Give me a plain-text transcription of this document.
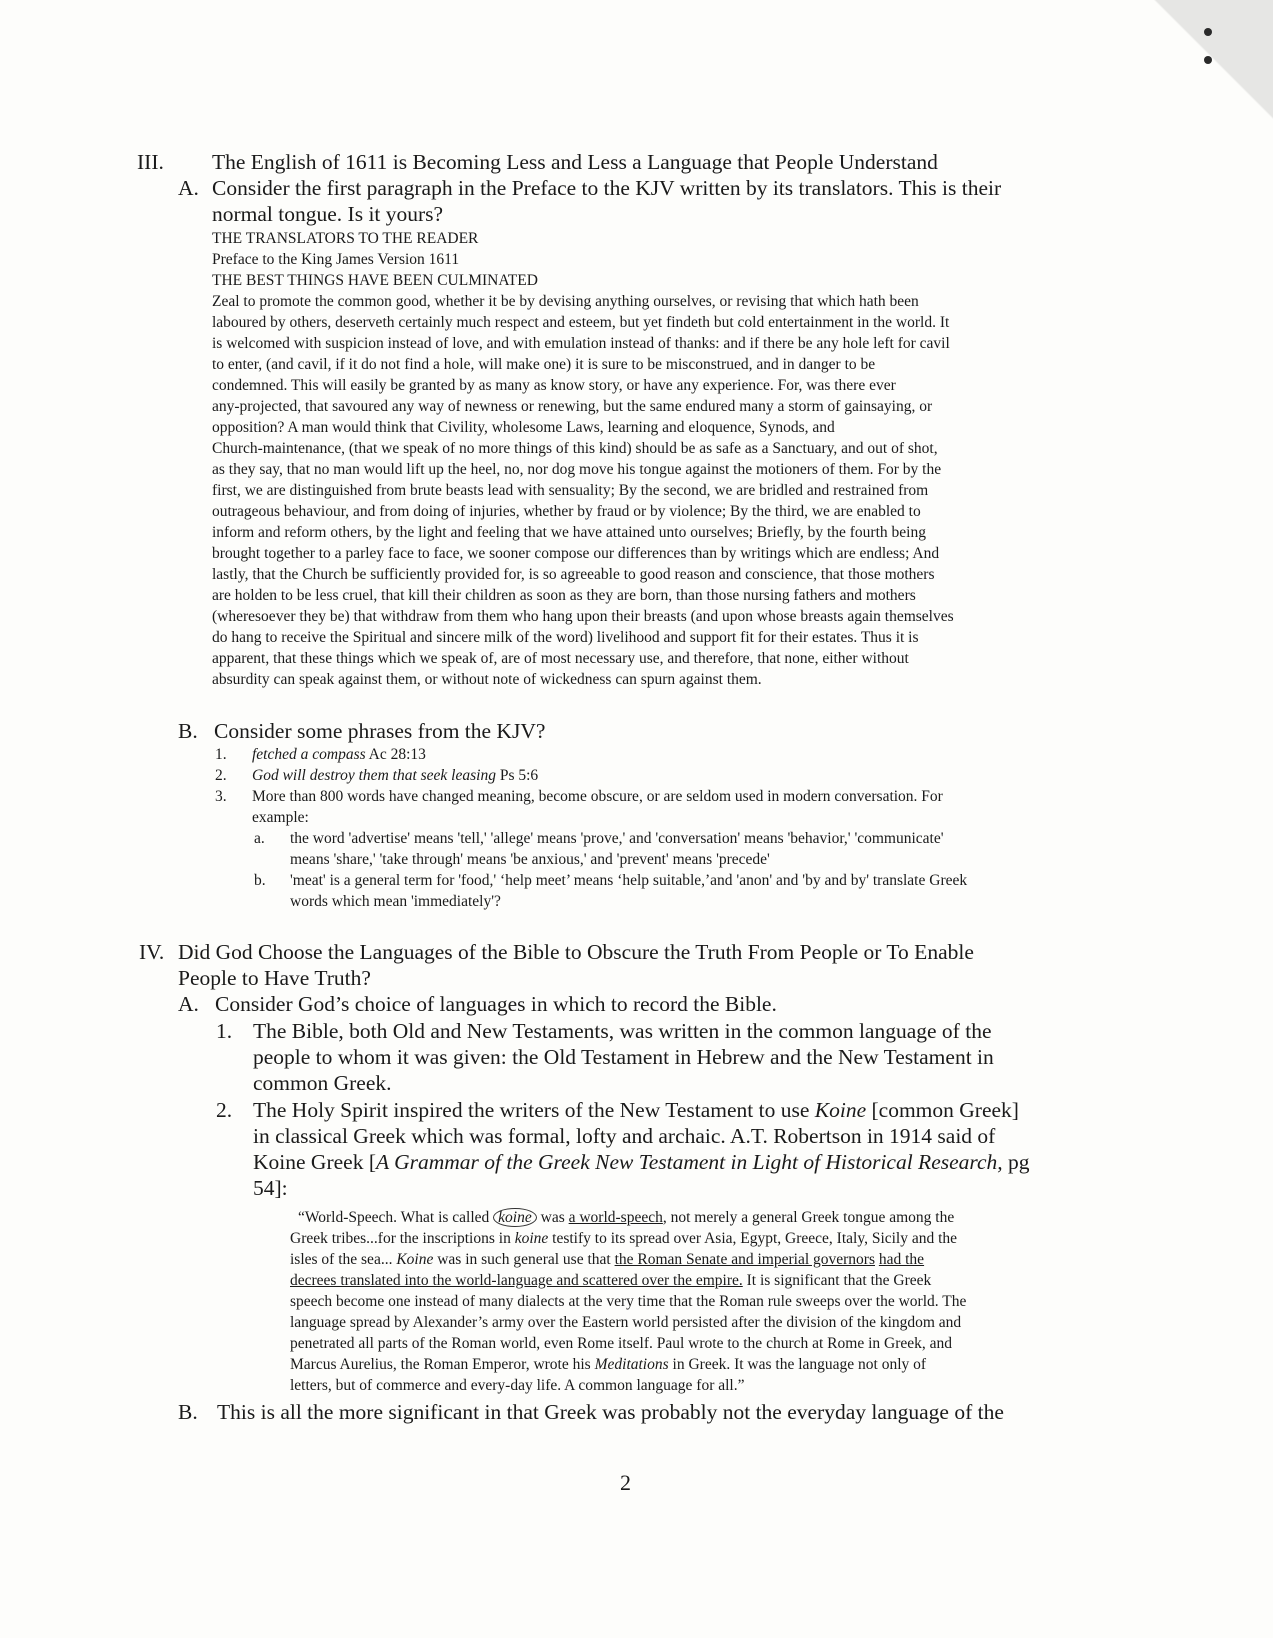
III. The English of 1611 is Becoming Less and Less a Language that People Understand
A. Consider the first paragraph in the Preface to the KJV written by its translators. This is their
normal tongue. Is it yours?
THE TRANSLATORS TO THE READER
Preface to the King James Version 1611
THE BEST THINGS HAVE BEEN CULMINATED
Zeal to promote the common good, whether it be by devising anything ourselves, or revising that which hath been
laboured by others, deserveth certainly much respect and esteem, but yet findeth but cold entertainment in the world. It
is welcomed with suspicion instead of love, and with emulation instead of thanks: and if there be any hole left for cavil
to enter, (and cavil, if it do not find a hole, will make one) it is sure to be misconstrued, and in danger to be
condemned. This will easily be granted by as many as know story, or have any experience. For, was there ever
any-projected, that savoured any way of newness or renewing, but the same endured many a storm of gainsaying, or
opposition? A man would think that Civility, wholesome Laws, learning and eloquence, Synods, and
Church-maintenance, (that we speak of no more things of this kind) should be as safe as a Sanctuary, and out of shot,
as they say, that no man would lift up the heel, no, nor dog move his tongue against the motioners of them. For by the
first, we are distinguished from brute beasts lead with sensuality; By the second, we are bridled and restrained from
outrageous behaviour, and from doing of injuries, whether by fraud or by violence; By the third, we are enabled to
inform and reform others, by the light and feeling that we have attained unto ourselves; Briefly, by the fourth being
brought together to a parley face to face, we sooner compose our differences than by writings which are endless; And
lastly, that the Church be sufficiently provided for, is so agreeable to good reason and conscience, that those mothers
are holden to be less cruel, that kill their children as soon as they are born, than those nursing fathers and mothers
(wheresoever they be) that withdraw from them who hang upon their breasts (and upon whose breasts again themselves
do hang to receive the Spiritual and sincere milk of the word) livelihood and support fit for their estates. Thus it is
apparent, that these things which we speak of, are of most necessary use, and therefore, that none, either without
absurdity can speak against them, or without note of wickedness can spurn against them.
B. Consider some phrases from the KJV?
1. fetched a compass Ac 28:13
2. God will destroy them that seek leasing Ps 5:6
3. More than 800 words have changed meaning, become obscure, or are seldom used in modern conversation. For
example:
a. the word 'advertise' means 'tell,' 'allege' means 'prove,' and 'conversation' means 'behavior,' 'communicate'
means 'share,' 'take through' means 'be anxious,' and 'prevent' means 'precede'
b. 'meat' is a general term for 'food,' ‘help meet’ means ‘help suitable,’and 'anon' and 'by and by' translate Greek
words which mean 'immediately'?
IV. Did God Choose the Languages of the Bible to Obscure the Truth From People or To Enable
People to Have Truth?
A. Consider God’s choice of languages in which to record the Bible.
1. The Bible, both Old and New Testaments, was written in the common language of the
people to whom it was given: the Old Testament in Hebrew and the New Testament in
common Greek.
2. The Holy Spirit inspired the writers of the New Testament to use Koine [common Greek]
in classical Greek which was formal, lofty and archaic. A.T. Robertson in 1914 said of
Koine Greek [A Grammar of the Greek New Testament in Light of Historical Research, pg
54]:
“World-Speech. What is called koine was a world-speech, not merely a general Greek tongue among the
Greek tribes...for the inscriptions in koine testify to its spread over Asia, Egypt, Greece, Italy, Sicily and the
isles of the sea... Koine was in such general use that the Roman Senate and imperial governors had the
decrees translated into the world-language and scattered over the empire. It is significant that the Greek
speech become one instead of many dialects at the very time that the Roman rule sweeps over the world. The
language spread by Alexander’s army over the Eastern world persisted after the division of the kingdom and
penetrated all parts of the Roman world, even Rome itself. Paul wrote to the church at Rome in Greek, and
Marcus Aurelius, the Roman Emperor, wrote his Meditations in Greek. It was the language not only of
letters, but of commerce and every-day life. A common language for all.”
B. This is all the more significant in that Greek was probably not the everyday language of the
2
